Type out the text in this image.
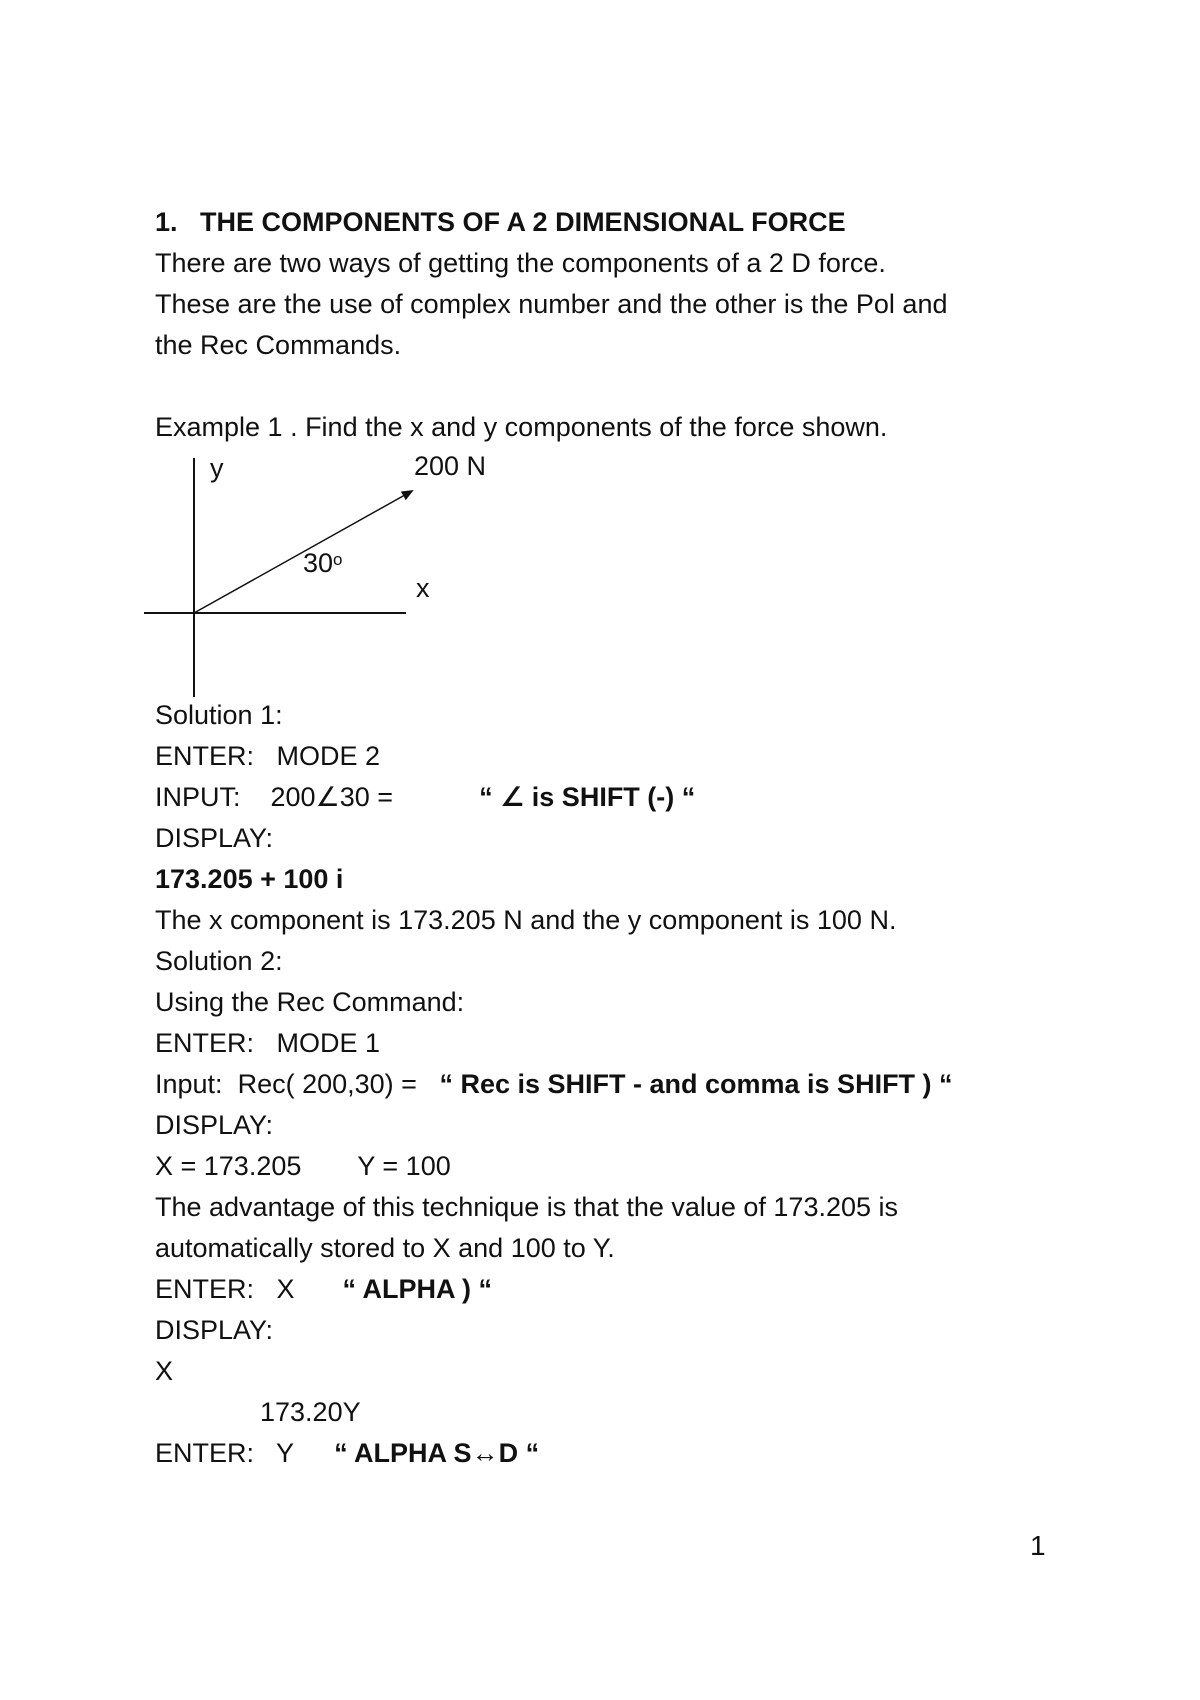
1. THE COMPONENTS OF A 2 DIMENSIONAL FORCE
There are two ways of getting the components of a 2 D force.
These are the use of complex number and the other is the Pol and
the Rec Commands.
Example 1 . Find the x and y components of the force shown.
y	200 N
30$^o$
x
Solution 1:
ENTER: MODE 2
INPUT: 200∠30 =	“ ∠ is SHIFT (-) “
DISPLAY:
173.205 + 100 i
The x component is 173.205 N and the y component is 100 N.
Solution 2:
Using the Rec Command:
ENTER: MODE 1
Input: Rec( 200,30) = “ Rec is SHIFT - and comma is SHIFT ) “
DISPLAY:
X = 173.205 Y = 100
The advantage of this technique is that the value of 173.205 is
automatically stored to X and 100 to Y.
ENTER: X “ ALPHA ) “
DISPLAY:
X
173.20Y
ENTER: Y “ ALPHA S↔D “
1
